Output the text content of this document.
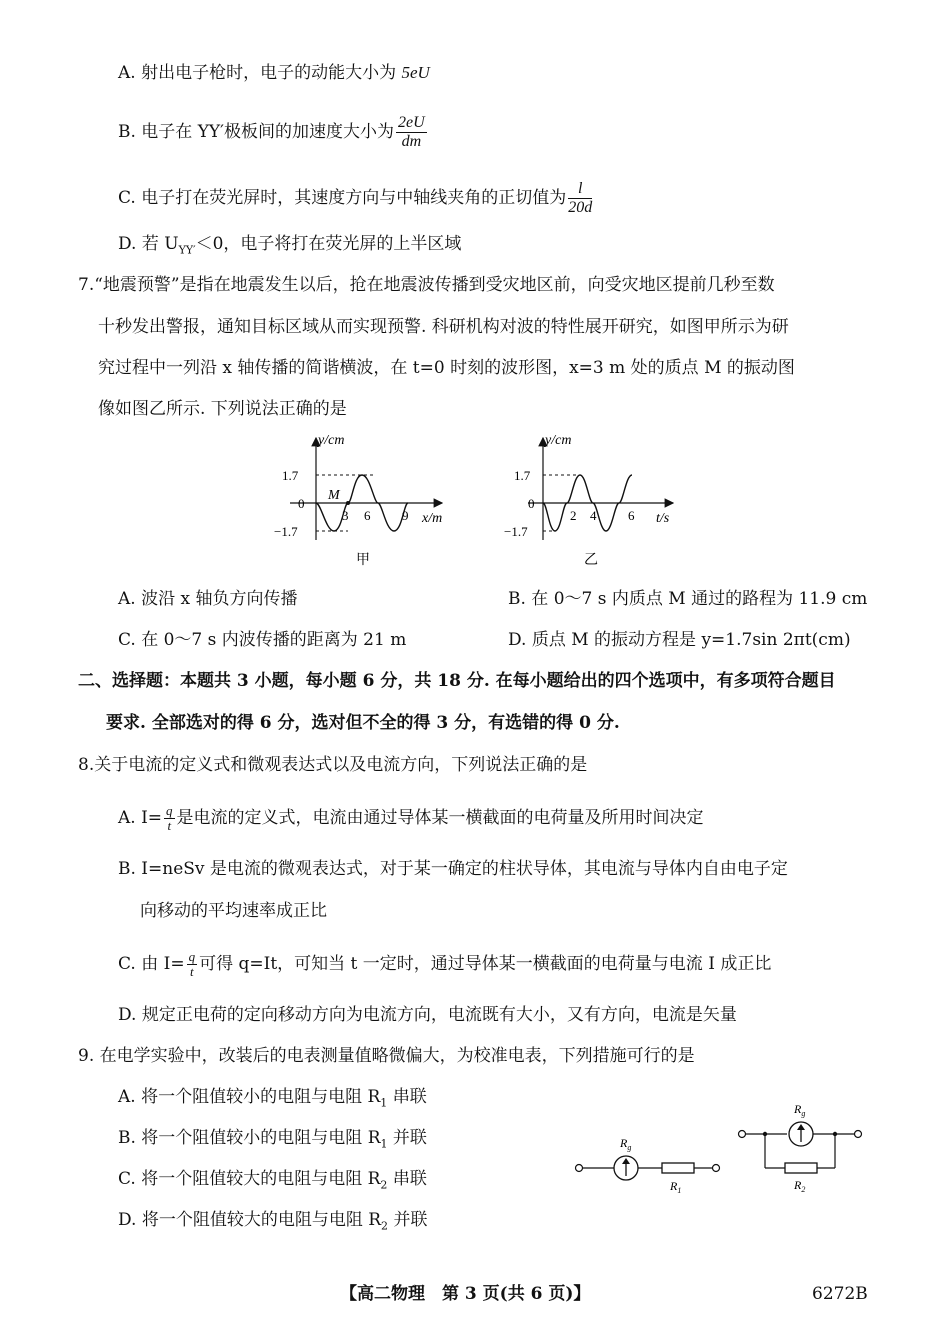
A. 射出电子枪时，电子的动能大小为 5eU
B. 电子在 YY′极板间的加速度大小为 $\frac{2eU}{dm}$
C. 电子打在荧光屏时，其速度方向与中轴线夹角的正切值为 $\frac{l}{20d}$
D. 若 $U_{YY'}<0$，电子将打在荧光屏的上半区域
7.“地震预警”是指在地震发生以后，抢在地震波传播到受灾地区前，向受灾地区提前几秒至数
十秒发出警报，通知目标区域从而实现预警. 科研机构对波的特性展开研究，如图甲所示为研
究过程中一列沿 x 轴传播的简谐横波，在 t=0 时刻的波形图，x=3 m 处的质点 M 的振动图
像如图乙所示. 下列说法正确的是
y/cm
1.7
0
−1.7
M
3 6 9 x/m
甲
y/cm
1.7
0
−1.7
2 4 6 t/s
乙
A. 波沿 x 轴负方向传播	B. 在 0～7 s 内质点 M 通过的路程为 11.9 cm
C. 在 0～7 s 内波传播的距离为 21 m	D. 质点 M 的振动方程是 y=1.7sin 2πt(cm)
二、选择题：本题共 3 小题，每小题 6 分，共 18 分. 在每小题给出的四个选项中，有多项符合题目
要求. 全部选对的得 6 分，选对但不全的得 3 分，有选错的得 0 分.
8.关于电流的定义式和微观表达式以及电流方向，下列说法正确的是
A. $I= \frac{q}{t}$ 是电流的定义式，电流由通过导体某一横截面的电荷量及所用时间决定
B. I=neSv 是电流的微观表达式，对于某一确定的柱状导体，其电流与导体内自由电子定
向移动的平均速率成正比
C. 由 $I= \frac{q}{t}$ 可得 q=It，可知当 t 一定时，通过导体某一横截面的电荷量与电流 I 成正比
D. 规定正电荷的定向移动方向为电流方向，电流既有大小，又有方向，电流是矢量
9. 在电学实验中，改装后的电表测量值略微偏大，为校准电表，下列措施可行的是
A. 将一个阻值较小的电阻与电阻 $R_1$ 串联
B. 将一个阻值较小的电阻与电阻 $R_1$ 并联
C. 将一个阻值较大的电阻与电阻 $R_2$ 串联
D. 将一个阻值较大的电阻与电阻 $R_2$ 并联
$R_g$
$R_1$
$R_g$
$R_2$
【高二物理　第 3 页(共 6 页)】	6272B
